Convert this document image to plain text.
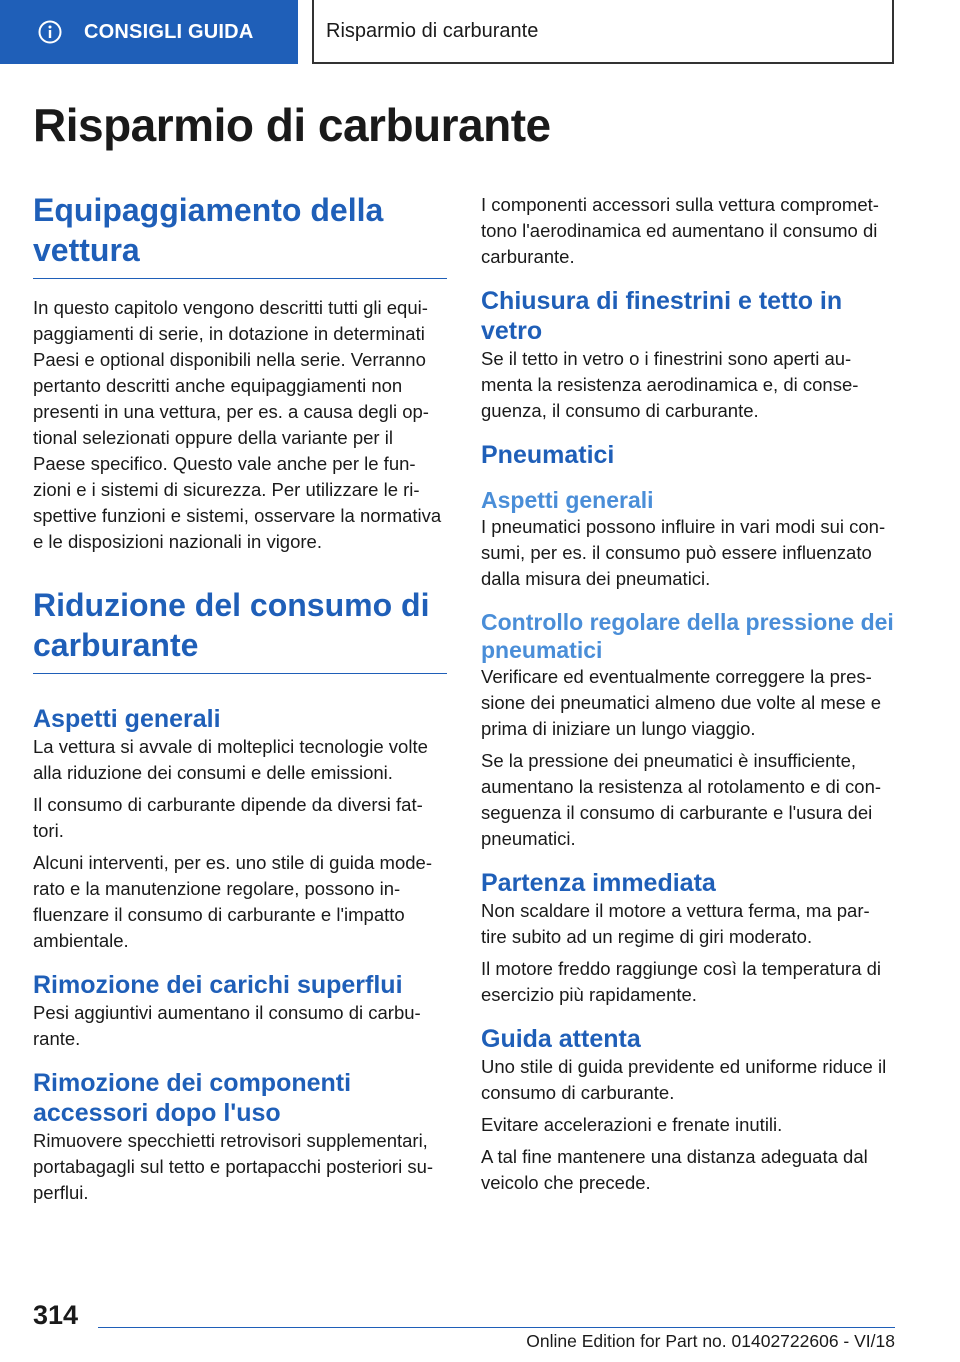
CONSIGLI GUIDA	Risparmio di carburante
Risparmio di carburante
Equipaggiamento della vettura

In questo capitolo vengono descritti tutti gli equi-paggiamenti di serie, in dotazione in determinati Paesi e optional disponibili nella serie. Verranno pertanto descritti anche equipaggiamenti non presenti in una vettura, per es. a causa degli op-tional selezionati oppure della variante per il Paese specifico. Questo vale anche per le fun-zioni e i sistemi di sicurezza. Per utilizzare le ri-spettive funzioni e sistemi, osservare la normativa e le disposizioni nazionali in vigore.

Riduzione del consumo di carburante
Aspetti generali

La vettura si avvale di molteplici tecnologie volte alla riduzione dei consumi e delle emissioni.

Il consumo di carburante dipende da diversi fat-tori.

Alcuni interventi, per es. uno stile di guida mode-rato e la manutenzione regolare, possono in-fluenzare il consumo di carburante e l'impatto ambientale.

Rimozione dei carichi superflui

Pesi aggiuntivi aumentano il consumo di carbu-rante.

Rimozione dei componenti accessori dopo l'uso

Rimuovere specchietti retrovisori supplementari, portabagagli sul tetto e portapacchi posteriori su-perflui.

I componenti accessori sulla vettura compromet-tono l'aerodinamica ed aumentano il consumo di carburante.

Chiusura di finestrini e tetto in vetro

Se il tetto in vetro o i finestrini sono aperti au-menta la resistenza aerodinamica e, di conse-guenza, il consumo di carburante.

Pneumatici
Aspetti generali

I pneumatici possono influire in vari modi sui con-sumi, per es. il consumo può essere influenzato dalla misura dei pneumatici.

Controllo regolare della pressione dei pneumatici

Verificare ed eventualmente correggere la pres-sione dei pneumatici almeno due volte al mese e prima di iniziare un lungo viaggio.

Se la pressione dei pneumatici è insufficiente, aumentano la resistenza al rotolamento e di con-seguenza il consumo di carburante e l'usura dei pneumatici.

Partenza immediata

Non scaldare il motore a vettura ferma, ma par-tire subito ad un regime di giri moderato.

Il motore freddo raggiunge così la temperatura di esercizio più rapidamente.

Guida attenta

Uno stile di guida previdente ed uniforme riduce il consumo di carburante.

Evitare accelerazioni e frenate inutili.

A tal fine mantenere una distanza adeguata dal veicolo che precede.

314
Online Edition for Part no. 01402722606 - VI/18
